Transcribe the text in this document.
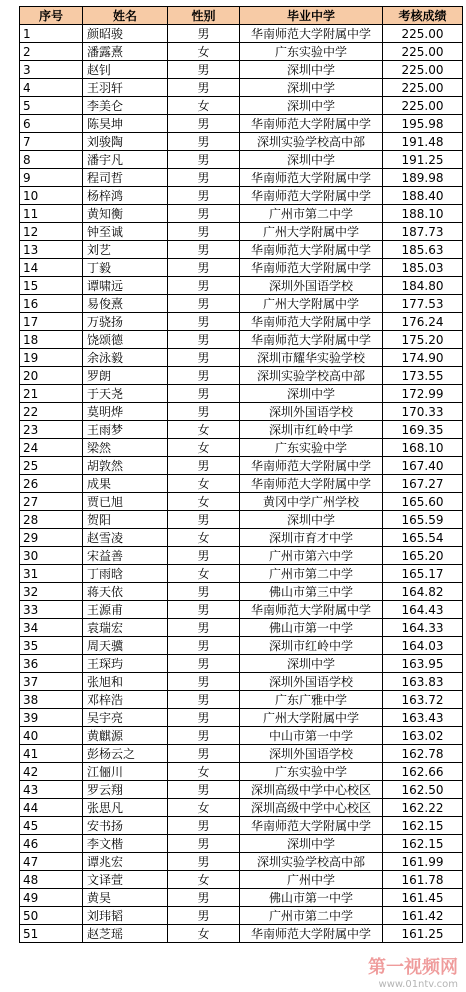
序号	姓名	性别	毕业中学	考核成绩
1	颜昭骏	男	华南师范大学附属中学	225.00
2	潘露熹	女	广东实验中学	225.00
3	赵钊	男	深圳中学	225.00
4	王羽轩	男	深圳中学	225.00
5	李美仑	女	深圳中学	225.00
6	陈昊坤	男	华南师范大学附属中学	195.98
7	刘骏陶	男	深圳实验学校高中部	191.48
8	潘宇凡	男	深圳中学	191.25
9	程司哲	男	华南师范大学附属中学	189.98
10	杨梓鸿	男	华南师范大学附属中学	188.40
11	黄知衡	男	广州市第二中学	188.10
12	钟至诚	男	广州大学附属中学	187.73
13	刘艺	男	华南师范大学附属中学	185.63
14	丁毅	男	华南师范大学附属中学	185.03
15	谭啸远	男	深圳外国语学校	184.80
16	易俊熹	男	广州大学附属中学	177.53
17	万骁扬	男	华南师范大学附属中学	176.24
18	饶颂德	男	华南师范大学附属中学	175.20
19	余泳毅	男	深圳市耀华实验学校	174.90
20	罗朗	男	深圳实验学校高中部	173.55
21	于天尧	男	深圳中学	172.99
22	莫明烨	男	深圳外国语学校	170.33
23	王雨梦	女	深圳市红岭中学	169.35
24	梁然	女	广东实验中学	168.10
25	胡敦然	男	华南师范大学附属中学	167.40
26	成果	女	华南师范大学附属中学	167.27
27	贾已旭	女	黄冈中学广州学校	165.60
28	贺阳	男	深圳中学	165.59
29	赵雪凌	女	深圳市育才中学	165.54
30	宋益善	男	广州市第六中学	165.20
31	丁雨晗	女	广州市第二中学	165.17
32	蒋天依	男	佛山市第三中学	164.82
33	王源甫	男	华南师范大学附属中学	164.43
34	袁瑞宏	男	佛山市第一中学	164.33
35	周天骥	男	深圳市红岭中学	164.03
36	王琛玙	男	深圳中学	163.95
37	张旭和	男	深圳外国语学校	163.83
38	邓梓浩	男	广东广雅中学	163.72
39	吴宇亮	男	广州大学附属中学	163.43
40	黄麒源	男	中山市第一中学	163.02
41	彭杨云之	男	深圳外国语学校	162.78
42	江俪川	女	广东实验中学	162.66
43	罗云翔	男	深圳高级中学中心校区	162.50
44	张思凡	女	深圳高级中学中心校区	162.22
45	安书扬	男	华南师范大学附属中学	162.15
46	李文楷	男	深圳中学	162.15
47	谭兆宏	男	深圳实验学校高中部	161.99
48	文译萱	女	广州中学	161.78
49	黄昊	男	佛山市第一中学	161.45
50	刘玮韬	男	广州市第二中学	161.42
51	赵芝瑶	女	华南师范大学附属中学	161.25
第一视频网
www.01ntv.com
